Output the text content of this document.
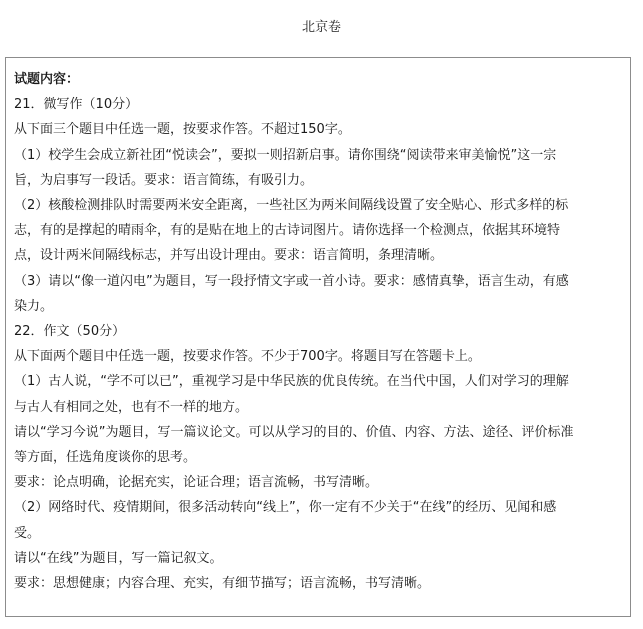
北京卷
试题内容：
21．微写作（10分）
从下面三个题目中任选一题，按要求作答。不超过150字。
（1）校学生会成立新社团“悦读会”，要拟一则招新启事。请你围绕“阅读带来审美愉悦”这一宗
旨，为启事写一段话。要求：语言简练，有吸引力。
（2）核酸检测排队时需要两米安全距离，一些社区为两米间隔线设置了安全贴心、形式多样的标
志，有的是撑起的晴雨伞，有的是贴在地上的古诗词图片。请你选择一个检测点，依据其环境特
点，设计两米间隔线标志，并写出设计理由。要求：语言简明，条理清晰。
（3）请以“像一道闪电”为题目，写一段抒情文字或一首小诗。要求：感情真挚，语言生动，有感
染力。
22．作文（50分）
从下面两个题目中任选一题，按要求作答。不少于700字。将题目写在答题卡上。
（1）古人说，“学不可以已”，重视学习是中华民族的优良传统。在当代中国，人们对学习的理解
与古人有相同之处，也有不一样的地方。
请以“学习今说”为题目，写一篇议论文。可以从学习的目的、价值、内容、方法、途径、评价标准
等方面，任选角度谈你的思考。
要求：论点明确，论据充实，论证合理；语言流畅，书写清晰。
（2）网络时代、疫情期间，很多活动转向“线上”，你一定有不少关于“在线”的经历、见闻和感
受。
请以“在线”为题目，写一篇记叙文。
要求：思想健康；内容合理、充实，有细节描写；语言流畅，书写清晰。
